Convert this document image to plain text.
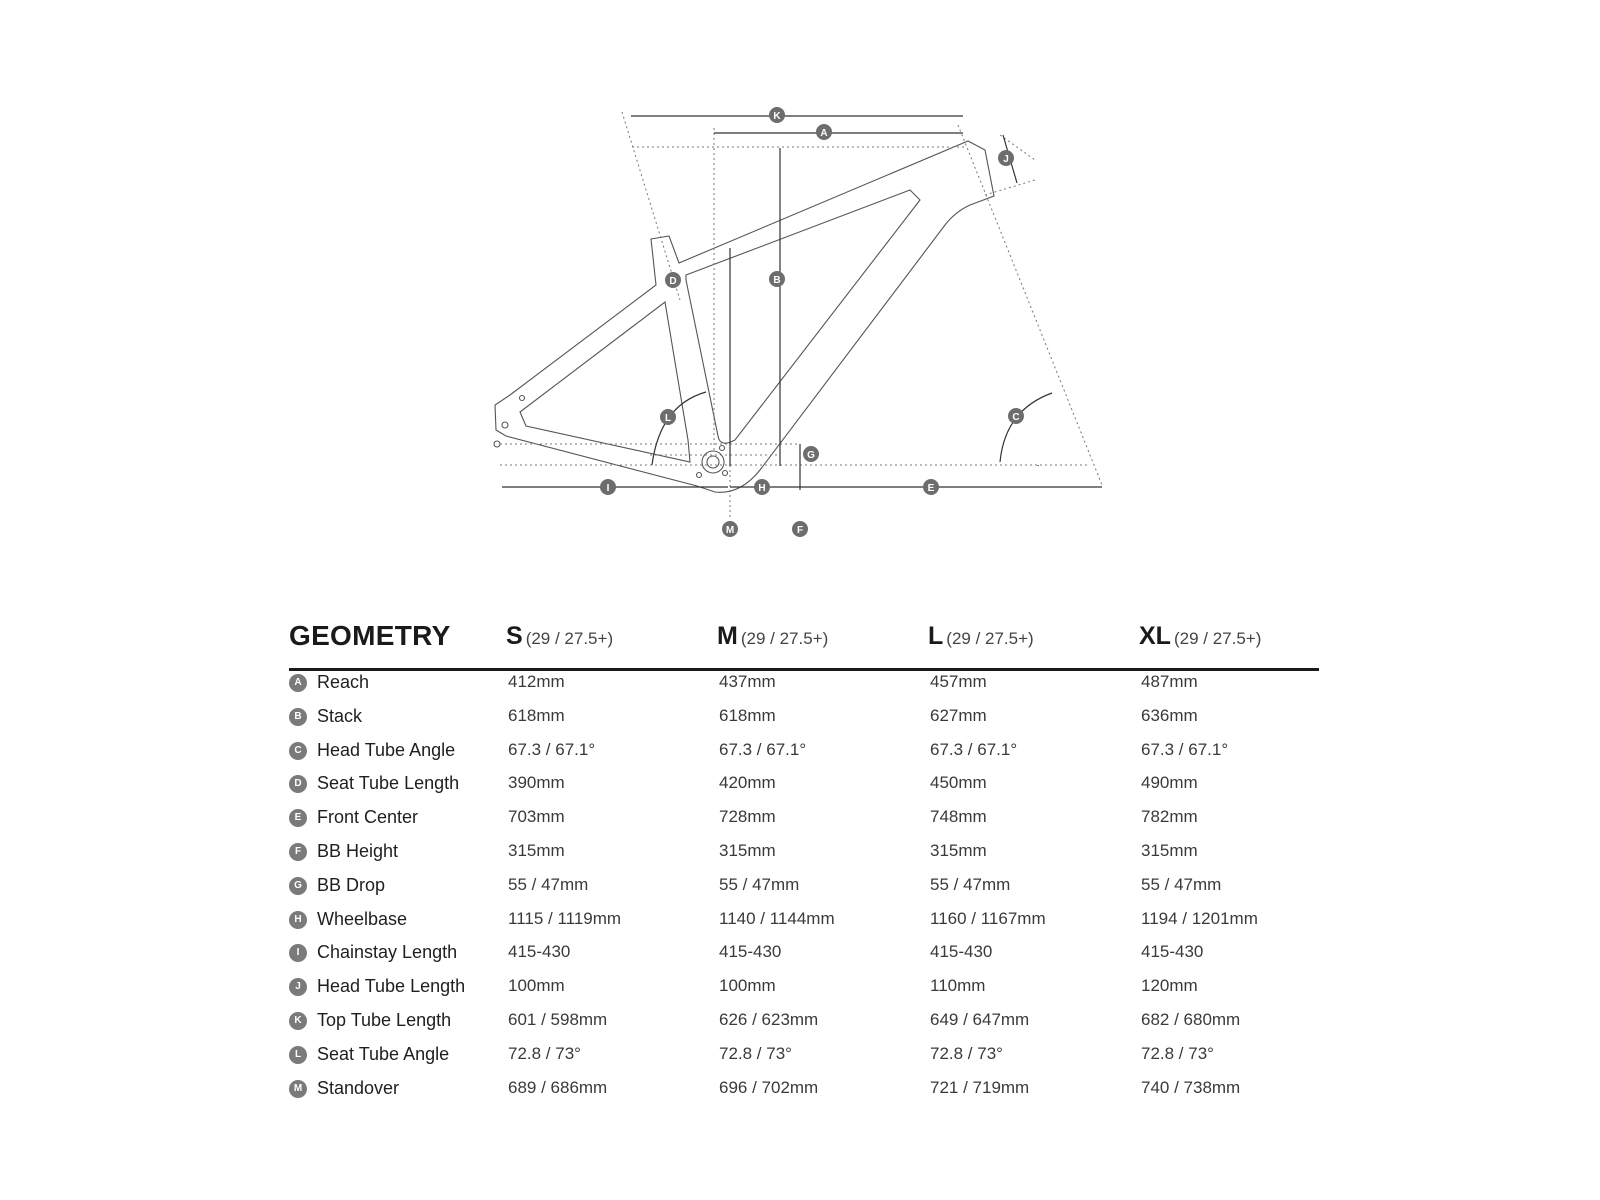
K
A
J
D	B
L	C
G
I	H	E
M	F
GEOMETRY S (29 / 27.5+)	M (29 / 27.5+)	L (29 / 27.5+)	XL (29 / 27.5+)
A Reach	412mm	437mm	457mm	487mm
B Stack	618mm	618mm	627mm	636mm
C Head Tube Angle	67.3 / 67.1°	67.3 / 67.1°	67.3 / 67.1°	67.3 / 67.1°
D Seat Tube Length	390mm	420mm	450mm	490mm
E Front Center	703mm	728mm	748mm	782mm
F BB Height	315mm	315mm	315mm	315mm
G BB Drop	55 / 47mm	55 / 47mm	55 / 47mm	55 / 47mm
H Wheelbase	1115 / 1119mm	1140 / 1144mm	1160 / 1167mm	1194 / 1201mm
I Chainstay Length	415-430	415-430	415-430	415-430
J Head Tube Length	100mm	100mm	110mm	120mm
K Top Tube Length	601 / 598mm	626 / 623mm	649 / 647mm	682 / 680mm
L Seat Tube Angle	72.8 / 73°	72.8 / 73°	72.8 / 73°	72.8 / 73°
M Standover	689 / 686mm	696 / 702mm	721 / 719mm	740 / 738mm
